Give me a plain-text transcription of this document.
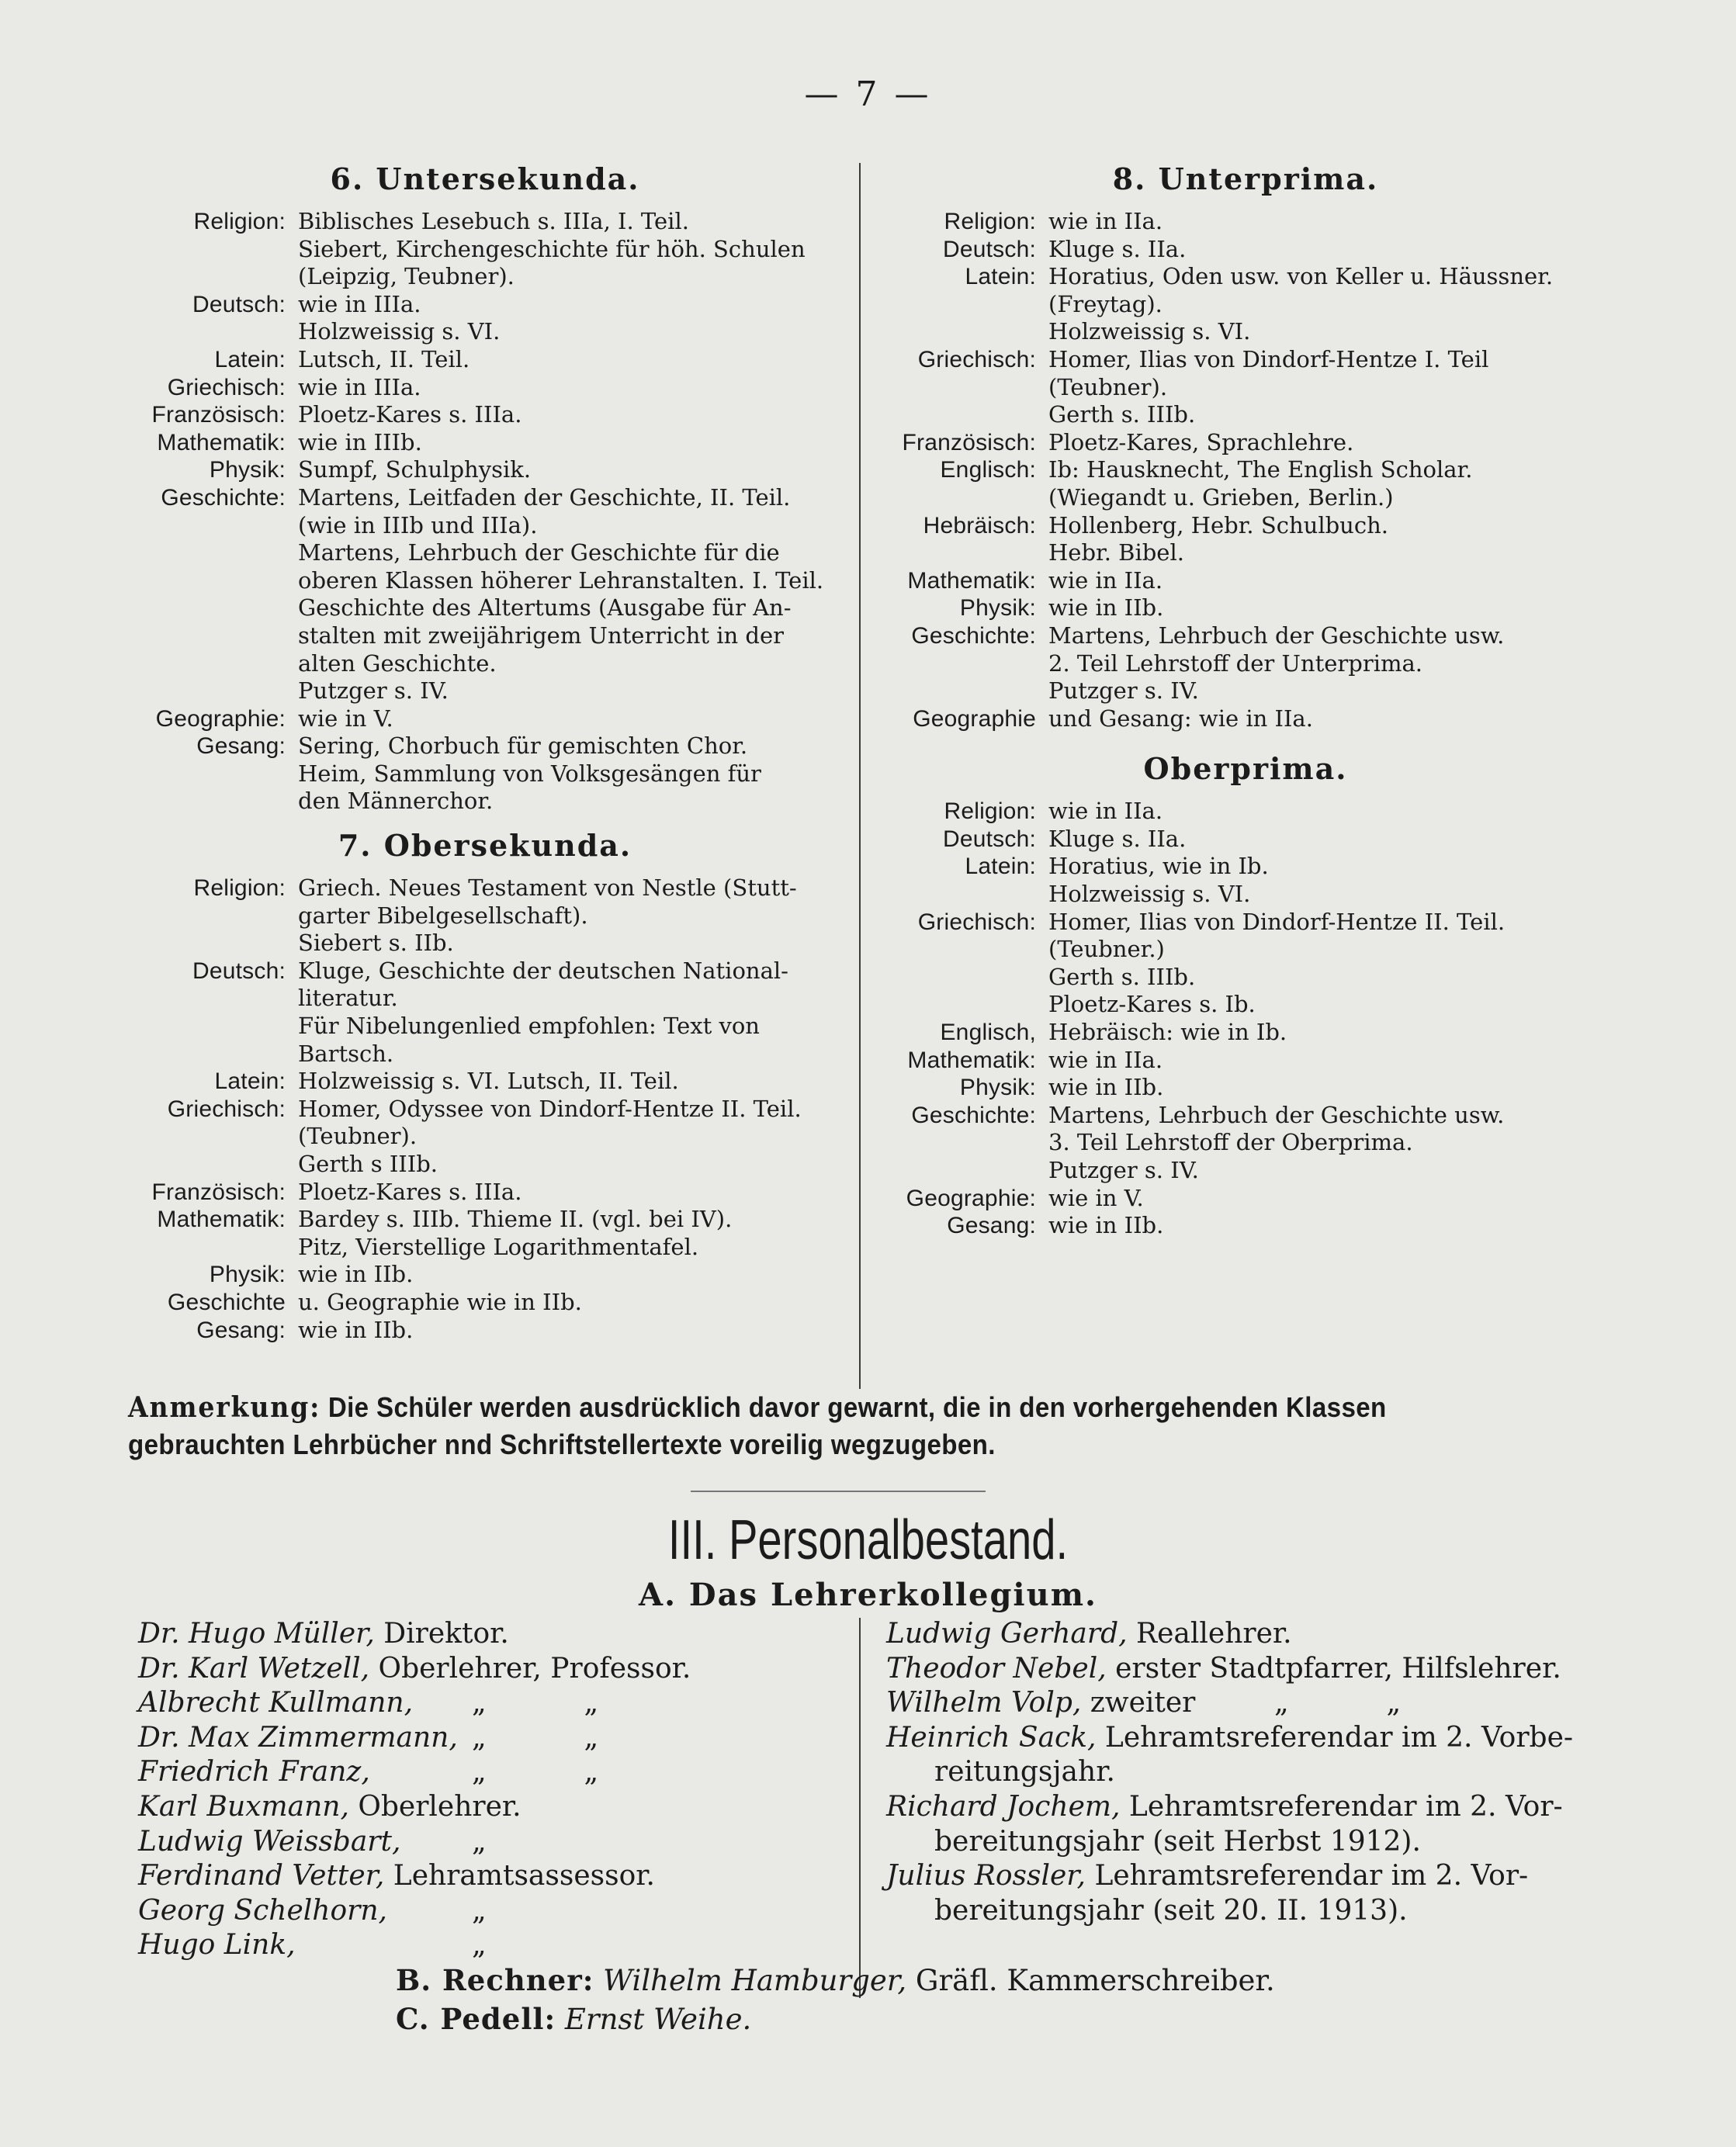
— 7 —
6. Untersekunda.
Religion: Biblisches Lesebuch s. IIIa, I. Teil.
Siebert, Kirchengeschichte für höh. Schulen
(Leipzig, Teubner).
Deutsch: wie in IIIa.
Holzweissig s. VI.
Latein: Lutsch, II. Teil.
Griechisch: wie in IIIa.
Französisch: Ploetz-Kares s. IIIa.
Mathematik: wie in IIIb.
Physik: Sumpf, Schulphysik.
Geschichte: Martens, Leitfaden der Geschichte, II. Teil.
(wie in IIIb und IIIa).
Martens, Lehrbuch der Geschichte für die
oberen Klassen höherer Lehranstalten. I. Teil.
Geschichte des Altertums (Ausgabe für An-
stalten mit zweijährigem Unterricht in der
alten Geschichte.
Putzger s. IV.
Geographie: wie in V.
Gesang: Sering, Chorbuch für gemischten Chor.
Heim, Sammlung von Volksgesängen für
den Männerchor.
7. Obersekunda.
Religion: Griech. Neues Testament von Nestle (Stutt-
garter Bibelgesellschaft).
Siebert s. IIb.
Deutsch: Kluge, Geschichte der deutschen National-
literatur.
Für Nibelungenlied empfohlen: Text von
Bartsch.
Latein: Holzweissig s. VI. Lutsch, II. Teil.
Griechisch: Homer, Odyssee von Dindorf-Hentze II. Teil.
(Teubner).
Gerth s IIIb.
Französisch: Ploetz-Kares s. IIIa.
Mathematik: Bardey s. IIIb. Thieme II. (vgl. bei IV).
Pitz, Vierstellige Logarithmentafel.
Physik: wie in IIb.
Geschichte u. Geographie wie in IIb.
Gesang: wie in IIb.
8. Unterprima.
Religion: wie in IIa.
Deutsch: Kluge s. IIa.
Latein: Horatius, Oden usw. von Keller u. Häussner.
(Freytag).
Holzweissig s. VI.
Griechisch: Homer, Ilias von Dindorf-Hentze I. Teil
(Teubner).
Gerth s. IIIb.
Französisch: Ploetz-Kares, Sprachlehre.
Englisch: Ib: Hausknecht, The English Scholar.
(Wiegandt u. Grieben, Berlin.)
Hebräisch: Hollenberg, Hebr. Schulbuch.
Hebr. Bibel.
Mathematik: wie in IIa.
Physik: wie in IIb.
Geschichte: Martens, Lehrbuch der Geschichte usw.
2. Teil Lehrstoff der Unterprima.
Putzger s. IV.
Geographie und Gesang: wie in IIa.
Oberprima.
Religion: wie in IIa.
Deutsch: Kluge s. IIa.
Latein: Horatius, wie in Ib.
Holzweissig s. VI.
Griechisch: Homer, Ilias von Dindorf-Hentze II. Teil.
(Teubner.)
Gerth s. IIIb.
Ploetz-Kares s. Ib.
Englisch, Hebräisch: wie in Ib.
Mathematik: wie in IIa.
Physik: wie in IIb.
Geschichte: Martens, Lehrbuch der Geschichte usw.
3. Teil Lehrstoff der Oberprima.
Putzger s. IV.
Geographie: wie in V.
Gesang: wie in IIb.
Anmerkung: Die Schüler werden ausdrücklich davor gewarnt, die in den vorhergehenden Klassen gebrauchten Lehrbücher nnd Schriftstellertexte voreilig wegzugeben.
III. Personalbestand.
A. Das Lehrerkollegium.
Dr. Hugo Müller, Direktor.
Dr. Karl Wetzell, Oberlehrer, Professor.
Albrecht Kullmann, „           „
Dr. Max Zimmermann, „           „
Friedrich Franz,	„           „
Karl Buxmann, Oberlehrer.
Ludwig Weissbart,	„
Ferdinand Vetter, Lehramtsassessor.
Georg Schelhorn,	„
Hugo Link,	„
Ludwig Gerhard, Reallehrer.
Theodor Nebel, erster Stadtpfarrer, Hilfslehrer.
Wilhelm Volp, zweiter	„           „
Heinrich Sack, Lehramtsreferendar im 2. Vorbe-
reitungsjahr.
Richard Jochem, Lehramtsreferendar im 2. Vor-
bereitungsjahr (seit Herbst 1912).
Julius Rossler, Lehramtsreferendar im 2. Vor-
bereitungsjahr (seit 20. II. 1913).
B. Rechner: Wilhelm Hamburger, Gräfl. Kammerschreiber.
C. Pedell: Ernst Weihe.
